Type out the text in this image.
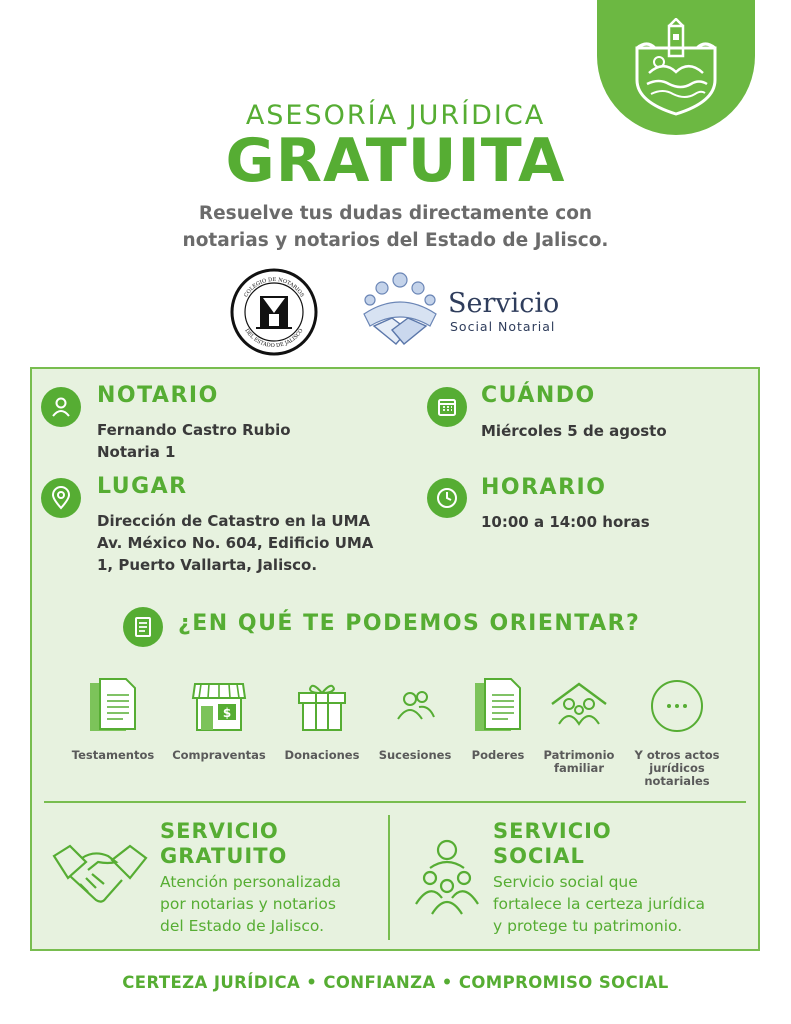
ASESORÍA JURÍDICA
GRATUITA
Resuelve tus dudas directamente con
notarias y notarios del Estado de Jalisco.
COLEGIO DE NOTARIOS
DEL ESTADO DE JALISCO
Servicio
Social Notarial
NOTARIO
Fernando Castro Rubio
Notaria 1
CUÁNDO
Miércoles 5 de agosto
LUGAR
Dirección de Catastro en la UMA
Av. México No. 604, Edificio UMA
1, Puerto Vallarta, Jalisco.
HORARIO
10:00 a 14:00 horas
¿EN QUÉ TE PODEMOS ORIENTAR?
Testamentos
$
Compraventas	Donaciones	Sucesiones	Poderes	Patrimonio
familiar
Y otros actos
jurídicos
notariales
SERVICIO
GRATUITO
Atención personalizada
por notarias y notarios
del Estado de Jalisco.
SERVICIO
SOCIAL
Servicio social que
fortalece la certeza jurídica
y protege tu patrimonio.
CERTEZA JURÍDICA • CONFIANZA • COMPROMISO SOCIAL
